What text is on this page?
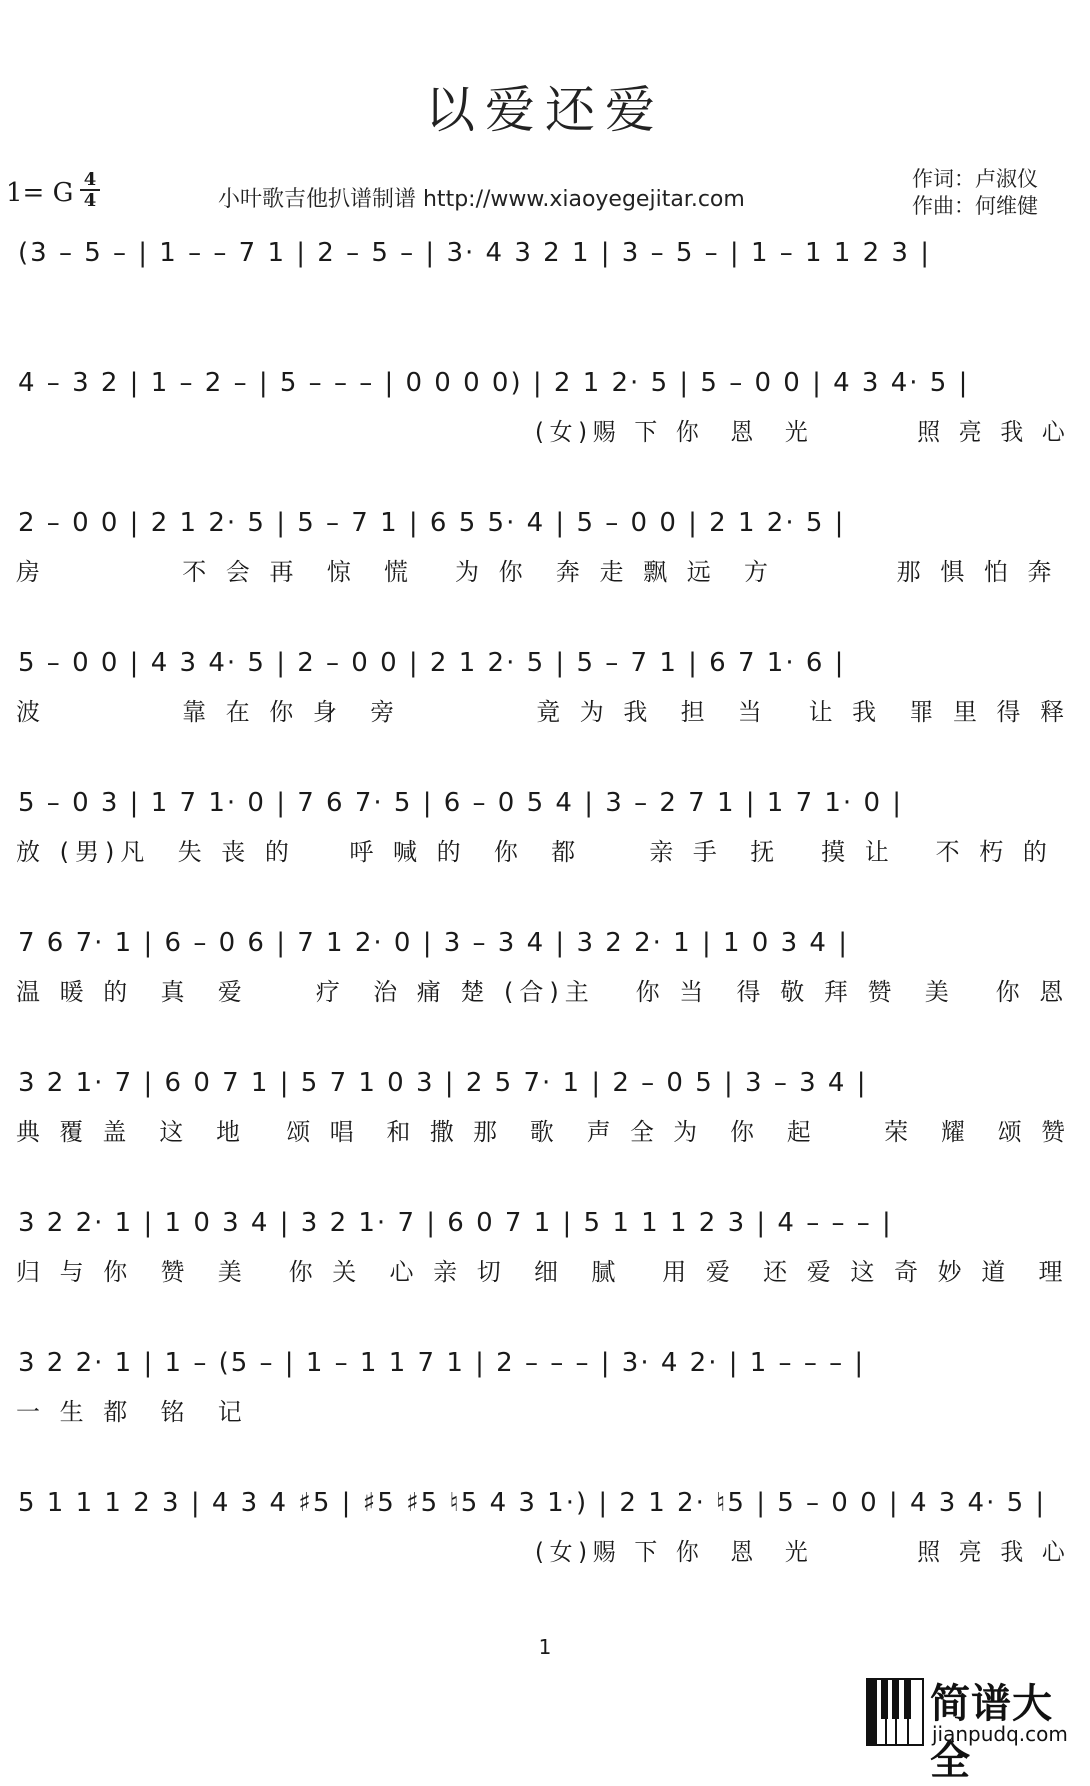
以爱还爱
1= G 4
4	小叶歌吉他扒谱制谱 http://www.xiaoyegejitar.com
作词：卢淑仪
作曲：何维健
(3 – 5 – | 1 – – 7 1 | 2 – 5 – | 3· 4 3 2 1 | 3 – 5 – | 1 – 1 1 2 3 |
4 – 3 2 | 1 – 2 – | 5 – – – | 0 0 0 0) | 2 1 2· 5 | 5 – 0 0 | 4 3 4· 5 |
(女)赐 下 你  恩  光        照 亮 我 心
2 – 0 0 | 2 1 2· 5 | 5 – 7 1 | 6 5 5· 4 | 5 – 0 0 | 2 1 2· 5 |
房          不 会 再  惊  慌   为 你  奔 走 飘 远  方         那 惧 怕 奔
5 – 0 0 | 4 3 4· 5 | 2 – 0 0 | 2 1 2· 5 | 5 – 7 1 | 6 7 1· 6 |
波          靠 在 你 身  旁          竟 为 我  担  当   让 我  罪 里 得 释
5 – 0 3 | 1 7 1· 0 | 7 6 7· 5 | 6 – 0 5 4 | 3 – 2 7 1 | 1 7 1· 0 |
放 (男)凡  失 丧 的    呼 喊 的  你  都     亲 手  抚   摸 让   不 朽 的
7 6 7· 1 | 6 – 0 6 | 7 1 2· 0 | 3 – 3 4 | 3 2 2· 1 | 1 0 3 4 |
温 暖 的  真  爱     疗  治 痛 楚 (合)主   你 当  得 敬 拜 赞  美   你 恩
3 2 1· 7 | 6 0 7 1 | 5 7 1 0 3 | 2 5 7· 1 | 2 – 0 5 | 3 – 3 4 |
典 覆 盖  这  地   颂 唱  和 撒 那  歌  声 全 为  你  起     荣  耀  颂 赞
3 2 2· 1 | 1 0 3 4 | 3 2 1· 7 | 6 0 7 1 | 5 1 1 1 2 3 | 4 – – – |
归 与 你  赞  美   你 关  心 亲 切  细  腻   用 爱  还 爱 这 奇 妙 道  理
3 2 2· 1 | 1 – (5 – | 1 – 1 1 7 1 | 2 – – – | 3· 4 2· | 1 – – – |
一 生 都  铭  记
5 1 1 1 2 3 | 4 3 4 ♯5 | ♯5 ♯5 ♮5 4 3 1·) | 2 1 2· ♮5 | 5 – 0 0 | 4 3 4· 5 |
(女)赐 下 你  恩  光        照 亮 我 心
1
简谱大全
jianpudq.com
